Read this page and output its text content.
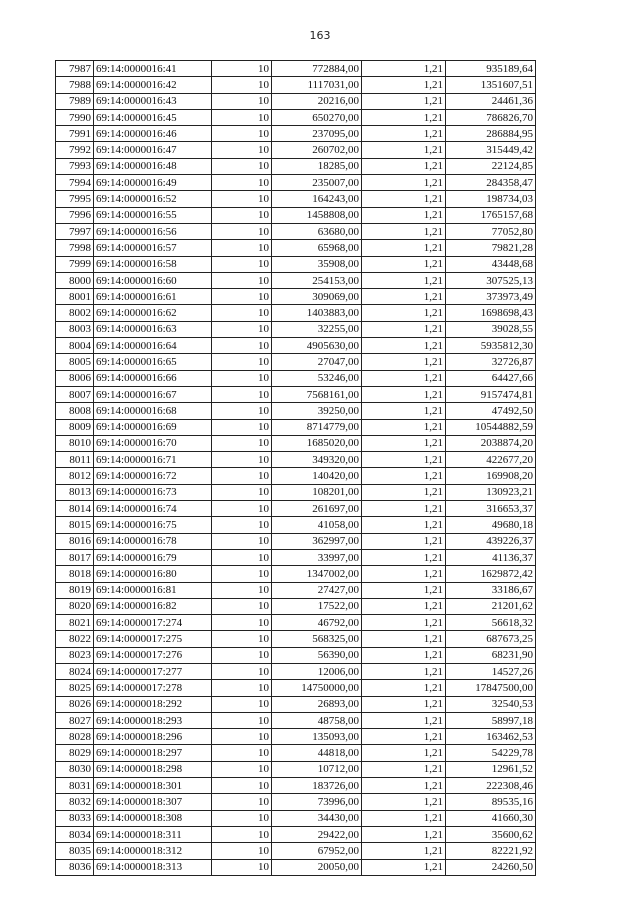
163
7987	69:14:0000016:41	10	772884,00	1,21	935189,64
7988	69:14:0000016:42	10	1117031,00	1,21	1351607,51
7989	69:14:0000016:43	10	20216,00	1,21	24461,36
7990	69:14:0000016:45	10	650270,00	1,21	786826,70
7991	69:14:0000016:46	10	237095,00	1,21	286884,95
7992	69:14:0000016:47	10	260702,00	1,21	315449,42
7993	69:14:0000016:48	10	18285,00	1,21	22124,85
7994	69:14:0000016:49	10	235007,00	1,21	284358,47
7995	69:14:0000016:52	10	164243,00	1,21	198734,03
7996	69:14:0000016:55	10	1458808,00	1,21	1765157,68
7997	69:14:0000016:56	10	63680,00	1,21	77052,80
7998	69:14:0000016:57	10	65968,00	1,21	79821,28
7999	69:14:0000016:58	10	35908,00	1,21	43448,68
8000	69:14:0000016:60	10	254153,00	1,21	307525,13
8001	69:14:0000016:61	10	309069,00	1,21	373973,49
8002	69:14:0000016:62	10	1403883,00	1,21	1698698,43
8003	69:14:0000016:63	10	32255,00	1,21	39028,55
8004	69:14:0000016:64	10	4905630,00	1,21	5935812,30
8005	69:14:0000016:65	10	27047,00	1,21	32726,87
8006	69:14:0000016:66	10	53246,00	1,21	64427,66
8007	69:14:0000016:67	10	7568161,00	1,21	9157474,81
8008	69:14:0000016:68	10	39250,00	1,21	47492,50
8009	69:14:0000016:69	10	8714779,00	1,21	10544882,59
8010	69:14:0000016:70	10	1685020,00	1,21	2038874,20
8011	69:14:0000016:71	10	349320,00	1,21	422677,20
8012	69:14:0000016:72	10	140420,00	1,21	169908,20
8013	69:14:0000016:73	10	108201,00	1,21	130923,21
8014	69:14:0000016:74	10	261697,00	1,21	316653,37
8015	69:14:0000016:75	10	41058,00	1,21	49680,18
8016	69:14:0000016:78	10	362997,00	1,21	439226,37
8017	69:14:0000016:79	10	33997,00	1,21	41136,37
8018	69:14:0000016:80	10	1347002,00	1,21	1629872,42
8019	69:14:0000016:81	10	27427,00	1,21	33186,67
8020	69:14:0000016:82	10	17522,00	1,21	21201,62
8021	69:14:0000017:274	10	46792,00	1,21	56618,32
8022	69:14:0000017:275	10	568325,00	1,21	687673,25
8023	69:14:0000017:276	10	56390,00	1,21	68231,90
8024	69:14:0000017:277	10	12006,00	1,21	14527,26
8025	69:14:0000017:278	10	14750000,00	1,21	17847500,00
8026	69:14:0000018:292	10	26893,00	1,21	32540,53
8027	69:14:0000018:293	10	48758,00	1,21	58997,18
8028	69:14:0000018:296	10	135093,00	1,21	163462,53
8029	69:14:0000018:297	10	44818,00	1,21	54229,78
8030	69:14:0000018:298	10	10712,00	1,21	12961,52
8031	69:14:0000018:301	10	183726,00	1,21	222308,46
8032	69:14:0000018:307	10	73996,00	1,21	89535,16
8033	69:14:0000018:308	10	34430,00	1,21	41660,30
8034	69:14:0000018:311	10	29422,00	1,21	35600,62
8035	69:14:0000018:312	10	67952,00	1,21	82221,92
8036	69:14:0000018:313	10	20050,00	1,21	24260,50
